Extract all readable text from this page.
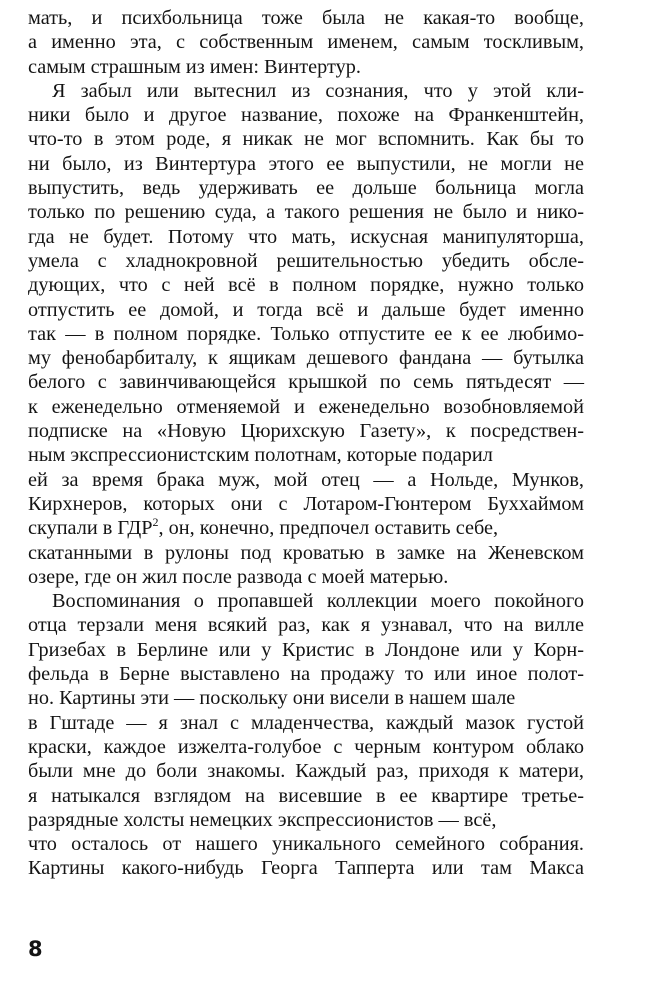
мать, и психбольница тоже была не какая-то вообще,
а именно эта, с собственным именем, самым тоскливым,
самым страшным из имен: Винтертур.
Я забыл или вытеснил из сознания, что у этой кли-
ники было и другое название, похоже на Франкенштейн,
что-то в этом роде, я никак не мог вспомнить. Как бы то
ни было, из Винтертура этого ее выпустили, не могли не
выпустить, ведь удерживать ее дольше больница могла
только по решению суда, а такого решения не было и нико-
гда не будет. Потому что мать, искусная манипуляторша,
умела с хладнокровной решительностью убедить обсле-
дующих, что с ней всё в полном порядке, нужно только
отпустить ее домой, и тогда всё и дальше будет именно
так — в полном порядке. Только отпустите ее к ее любимо-
му фенобарбиталу, к ящикам дешевого фандана — бутылка
белого с завинчивающейся крышкой по семь пятьдесят —
к еженедельно отменяемой и еженедельно возобновляемой
подписке на «Новую Цюрихскую Газету», к посредствен-
ным экспрессионистским полотнам, которые подарил
ей за время брака муж, мой отец — а Нольде, Мунков,
Кирхнеров, которых они с Лотаром-Гюнтером Буххаймом
скупали в ГДР$^2$, он, конечно, предпочел оставить себе,
скатанными в рулоны под кроватью в замке на Женевском
озере, где он жил после развода с моей матерью.
Воспоминания о пропавшей коллекции моего покойного
отца терзали меня всякий раз, как я узнавал, что на вилле
Гризебах в Берлине или у Кристис в Лондоне или у Корн-
фельда в Берне выставлено на продажу то или иное полот-
но. Картины эти — поскольку они висели в нашем шале
в Гштаде — я знал с младенчества, каждый мазок густой
краски, каждое изжелта-голубое с черным контуром облако
были мне до боли знакомы. Каждый раз, приходя к матери,
я натыкался взглядом на висевшие в ее квартире третье-
разрядные холсты немецких экспрессионистов — всё,
что осталось от нашего уникального семейного собрания.
Картины какого-нибудь Георга Тапперта или там Макса
8
